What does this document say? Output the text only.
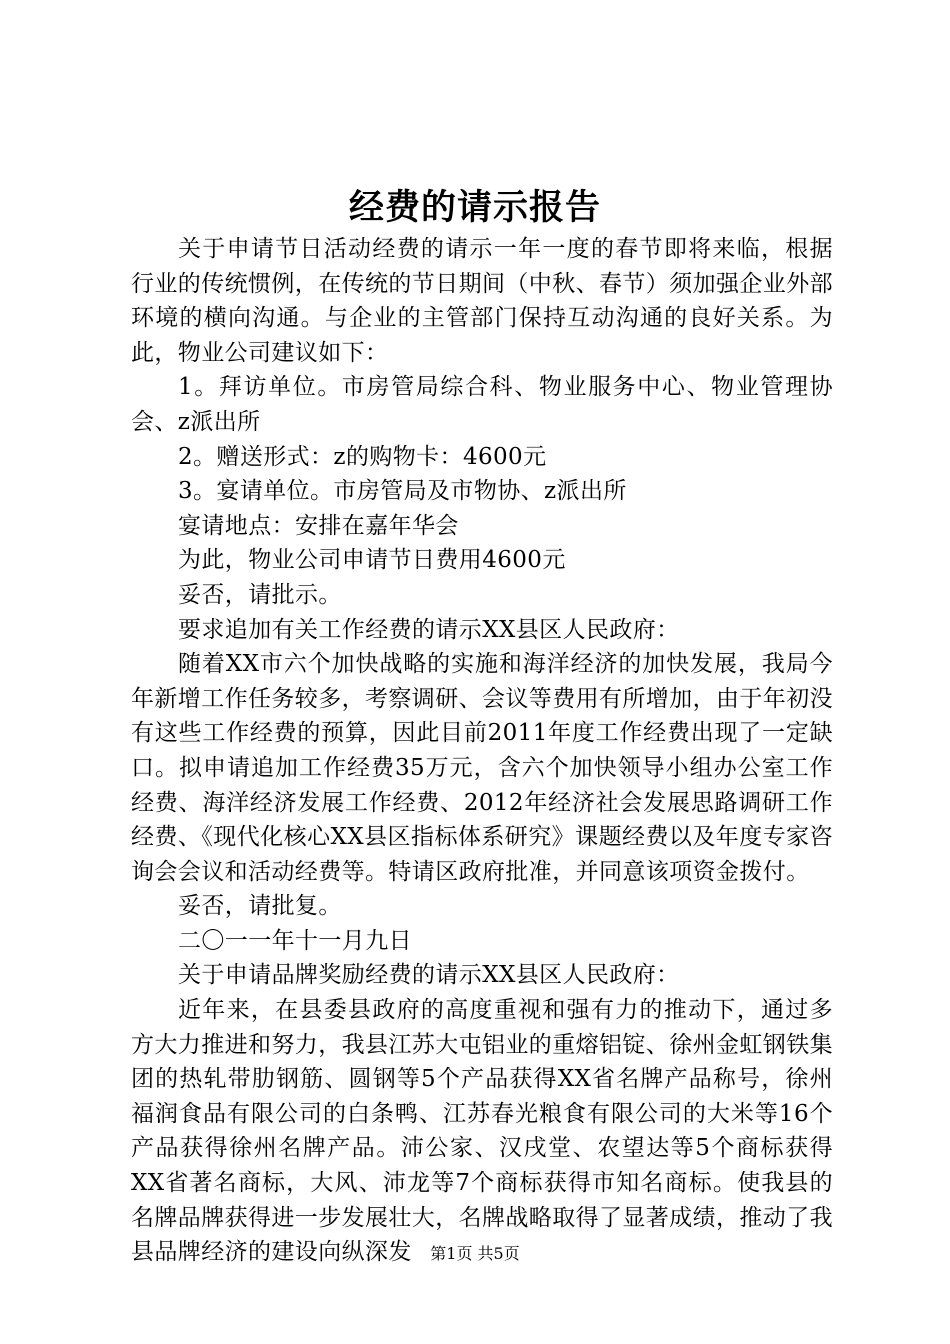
经费的请示报告

关于申请节日活动经费的请示一年一度的春节即将来临，根据行业的传统惯例，在传统的节日期间（中秋、春节）须加强企业外部环境的横向沟通。与企业的主管部门保持互动沟通的良好关系。为此，物业公司建议如下：

1。拜访单位。市房管局综合科、物业服务中心、物业管理协会、z派出所

2。赠送形式：z的购物卡：4600元

3。宴请单位。市房管局及市物协、z派出所

宴请地点：安排在嘉年华会

为此，物业公司申请节日费用4600元

妥否，请批示。

要求追加有关工作经费的请示XX县区人民政府：

随着XX市六个加快战略的实施和海洋经济的加快发展，我局今年新增工作任务较多，考察调研、会议等费用有所增加，由于年初没有这些工作经费的预算，因此目前2011年度工作经费出现了一定缺口。拟申请追加工作经费35万元，含六个加快领导小组办公室工作经费、海洋经济发展工作经费、2012年经济社会发展思路调研工作经费、《现代化核心XX县区指标体系研究》课题经费以及年度专家咨询会会议和活动经费等。特请区政府批准，并同意该项资金拨付。

妥否，请批复。

二〇一一年十一月九日

关于申请品牌奖励经费的请示XX县区人民政府：

近年来，在县委县政府的高度重视和强有力的推动下，通过多方大力推进和努力，我县江苏大屯铝业的重熔铝锭、徐州金虹钢铁集团的热轧带肋钢筋、圆钢等5个产品获得XX省名牌产品称号，徐州福润食品有限公司的白条鸭、江苏春光粮食有限公司的大米等16个产品获得徐州名牌产品。沛公家、汉戌堂、农望达等5个商标获得XX省著名商标，大风、沛龙等7个商标获得市知名商标。使我县的名牌品牌获得进一步发展壮大，名牌战略取得了显著成绩，推动了我县品牌经济的建设向纵深发	第1页 共5页
